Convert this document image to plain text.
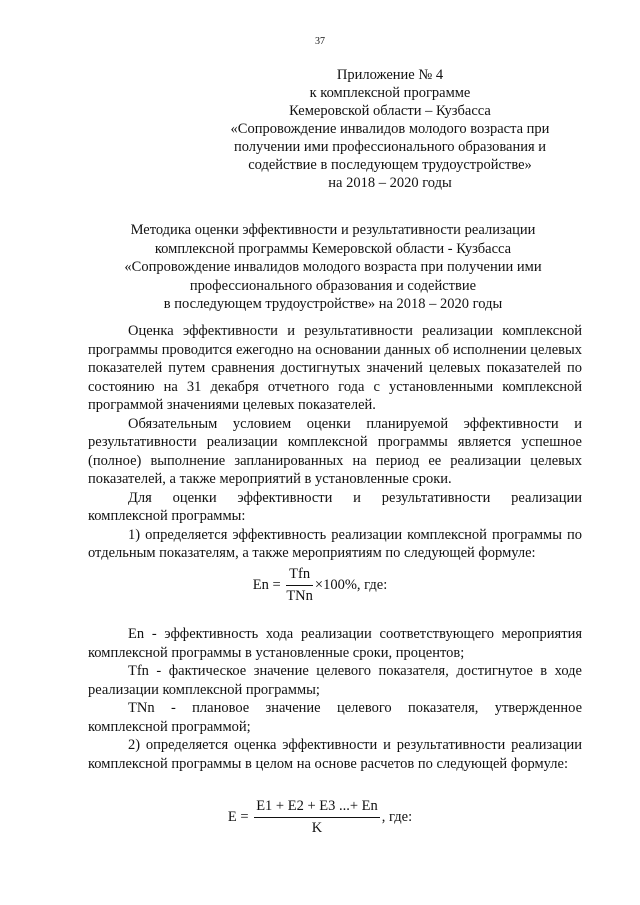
37
Приложение № 4
к комплексной программе
Кемеровской области – Кузбасса
«Сопровождение инвалидов молодого возраста при
получении ими профессионального образования и
содействие в последующем трудоустройстве»
на 2018 – 2020 годы
Методика оценки эффективности и результативности реализации
комплексной программы Кемеровской области - Кузбасса
«Сопровождение инвалидов молодого возраста при получении ими
профессионального образования и содействие
в последующем трудоустройстве» на 2018 – 2020 годы

Оценка эффективности и результативности реализации комплексной программы проводится ежегодно на основании данных об исполнении целевых показателей путем сравнения достигнутых значений целевых показателей по состоянию на 31 декабря отчетного года с установленными комплексной программой значениями целевых показателей.

Обязательным условием оценки планируемой эффективности и результативности реализации комплексной программы является успешное (полное) выполнение запланированных на период ее реализации целевых показателей, а также мероприятий в установленные сроки.

Для оценки эффективности и результативности реализации

комплексной программы:

1) определяется эффективность реализации комплексной программы по отдельным показателям, а также мероприятиям по следующей формуле:

$En = \frac{\text{Tfn}}{\text{TNn}} \times 100\%$, где:

En - эффективность хода реализации соответствующего мероприятия комплексной программы в установленные сроки, процентов;

Tfn - фактическое значение целевого показателя, достигнутое в ходе реализации комплексной программы;

TNn - плановое значение целевого показателя, утвержденное комплексной программой;

2) определяется оценка эффективности и результативности реализации комплексной программы в целом на основе расчетов по следующей формуле:

$E = \frac{E1 + E2 + E3 ...+ En}{K}$ , где:
